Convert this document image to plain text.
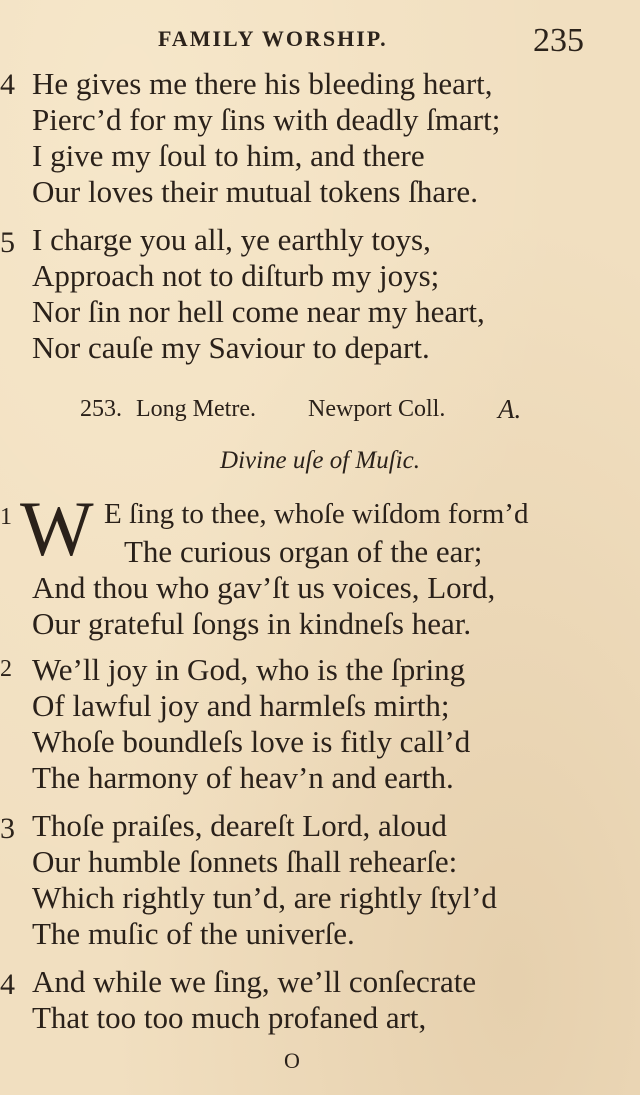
FAMILY WORSHIP.	235
4 He gives me there his bleeding heart,
Pierc’d for my ſins with deadly ſmart;
I give my ſoul to him, and there
Our loves their mutual tokens ſhare.
5 I charge you all, ye earthly toys,
Approach not to diſturb my joys;
Nor ſin nor hell come near my heart,
Nor cauſe my Saviour to depart.
253. Long Metre. Newport Coll. A.
Divine uſe of Muſic.
1 W E ſing to thee, whoſe wiſdom form’d
The curious organ of the ear;
And thou who gav’ſt us voices, Lord,
Our grateful ſongs in kindneſs hear.
2 We’ll joy in God, who is the ſpring
Of lawful joy and harmleſs mirth;
Whoſe boundleſs love is fitly call’d
The harmony of heav’n and earth.
3 Thoſe praiſes, deareſt Lord, aloud
Our humble ſonnets ſhall rehearſe:
Which rightly tun’d, are rightly ſtyl’d
The muſic of the univerſe.
4 And while we ſing, we’ll conſecrate
That too too much profaned art,
O
